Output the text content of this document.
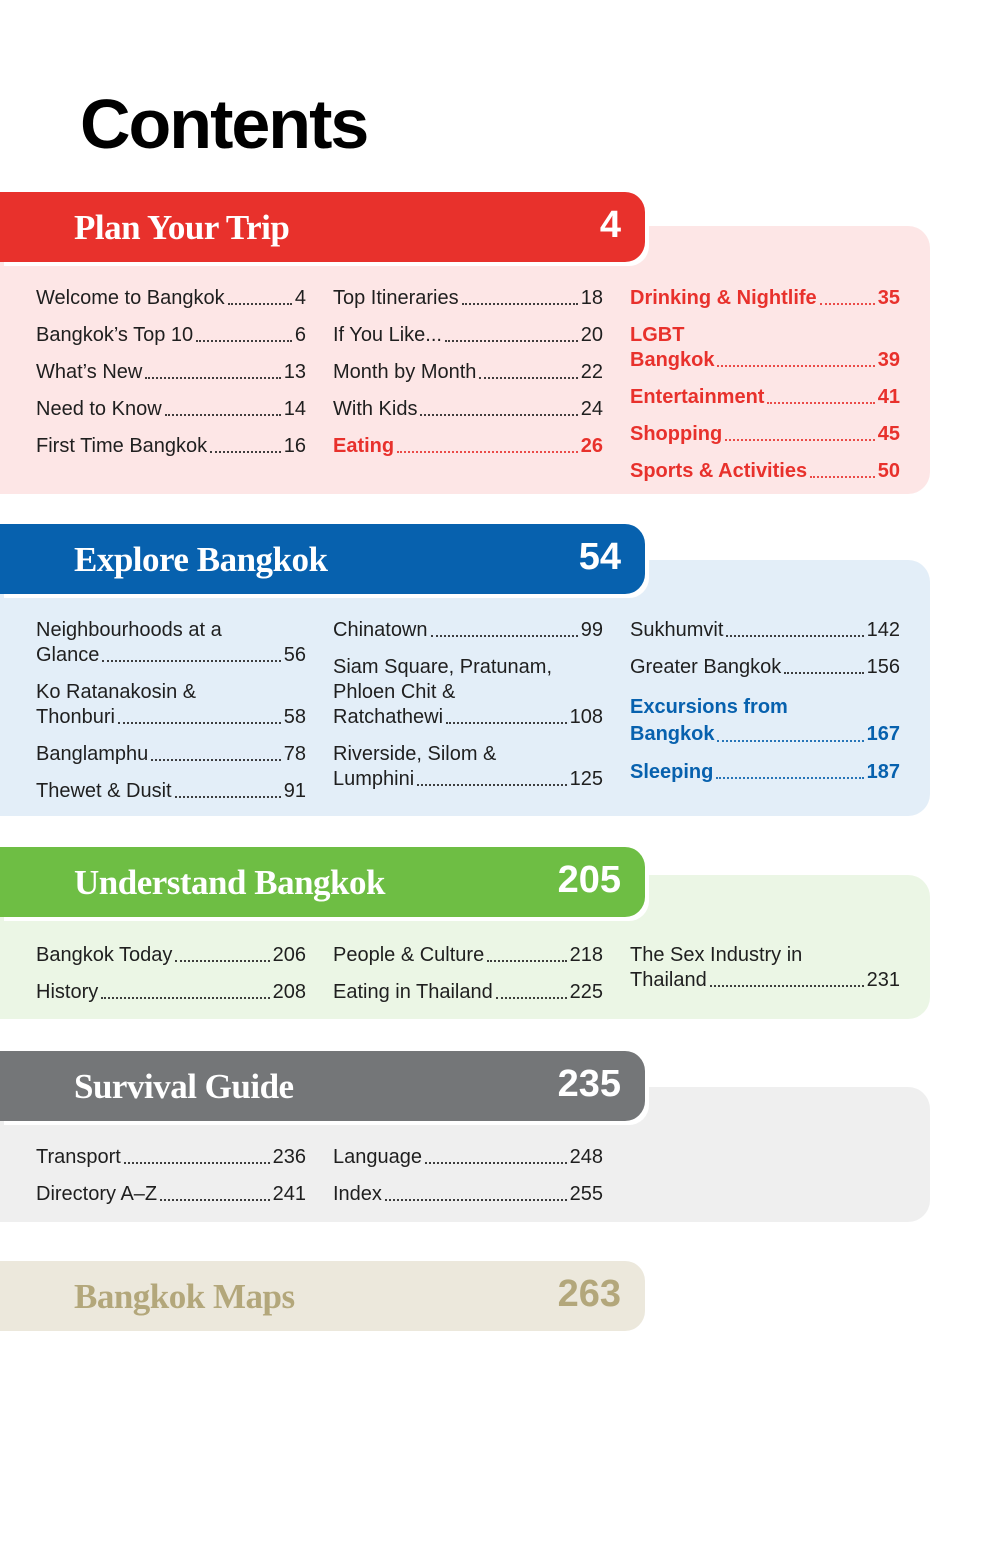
Contents
Plan Your Trip	4
Welcome to Bangkok	4
Bangkok’s Top 10	6
What’s New	13
Need to Know	14
First Time Bangkok	16
Top Itineraries	18
If You Like...	20
Month by Month	22
With Kids	24
Eating	26
Drinking & Nightlife	35
LGBT
Bangkok	39
Entertainment	41
Shopping	45
Sports & Activities	50
Explore Bangkok	54
Neighbourhoods at a
Glance	56
Ko Ratanakosin &
Thonburi	58
Banglamphu	78
Thewet & Dusit	91
Chinatown	99
Siam Square, Pratunam,
Phloen Chit &
Ratchathewi	108
Riverside, Silom &
Lumphini	125
Sukhumvit	142
Greater Bangkok	156
Excursions from
Bangkok	167
Sleeping	187
Understand Bangkok	205
Bangkok Today	206
History	208
People & Culture	218
Eating in Thailand	225
The Sex Industry in
Thailand	231
Survival Guide	235
Transport	236
Directory A–Z	241
Language	248
Index	255
Bangkok Maps	263
